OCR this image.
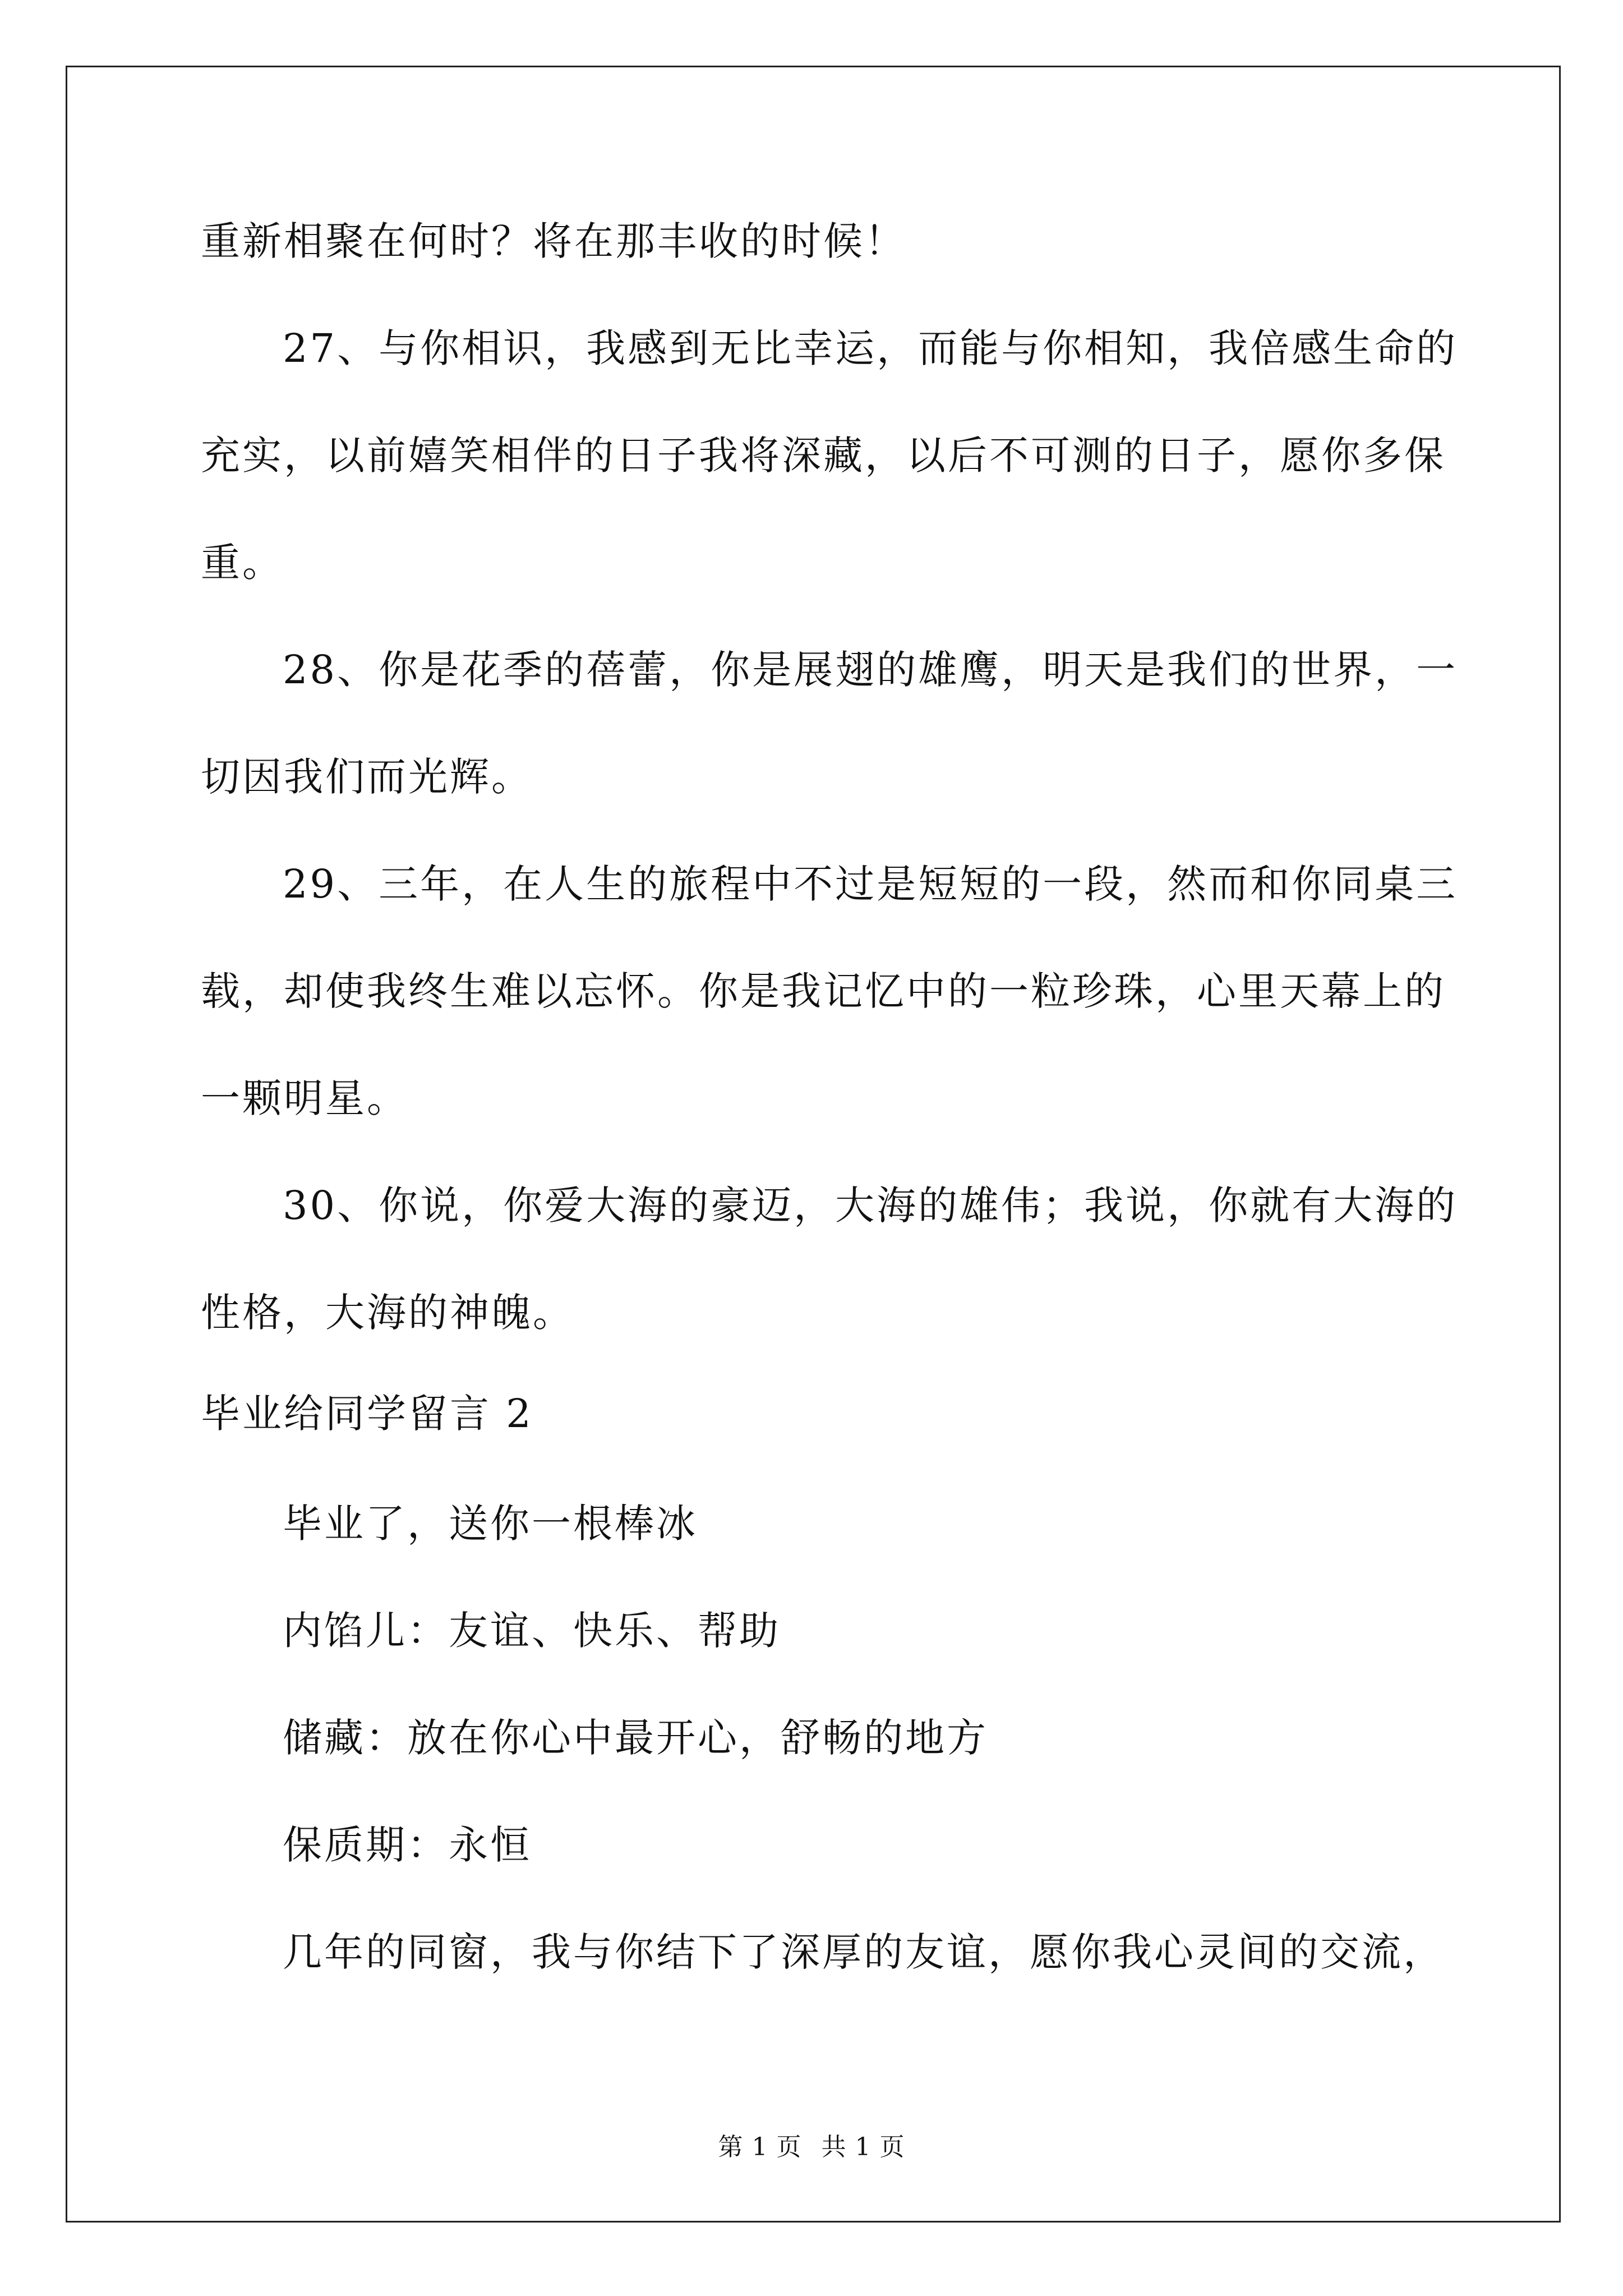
重新相聚在何时？将在那丰收的时候！
27、与你相识，我感到无比幸运，而能与你相知，我倍感生命的
充实，以前嬉笑相伴的日子我将深藏，以后不可测的日子，愿你多保
重。
28、你是花季的蓓蕾，你是展翅的雄鹰，明天是我们的世界，一
切因我们而光辉。
29、三年，在人生的旅程中不过是短短的一段，然而和你同桌三
载，却使我终生难以忘怀。你是我记忆中的一粒珍珠，心里天幕上的
一颗明星。
30、你说，你爱大海的豪迈，大海的雄伟；我说，你就有大海的
性格，大海的神魄。
毕业给同学留言 2
毕业了，送你一根棒冰
内馅儿：友谊、快乐、帮助
储藏：放在你心中最开心，舒畅的地方
保质期：永恒
几年的同窗，我与你结下了深厚的友谊，愿你我心灵间的交流，
第 1 页 共 1 页
